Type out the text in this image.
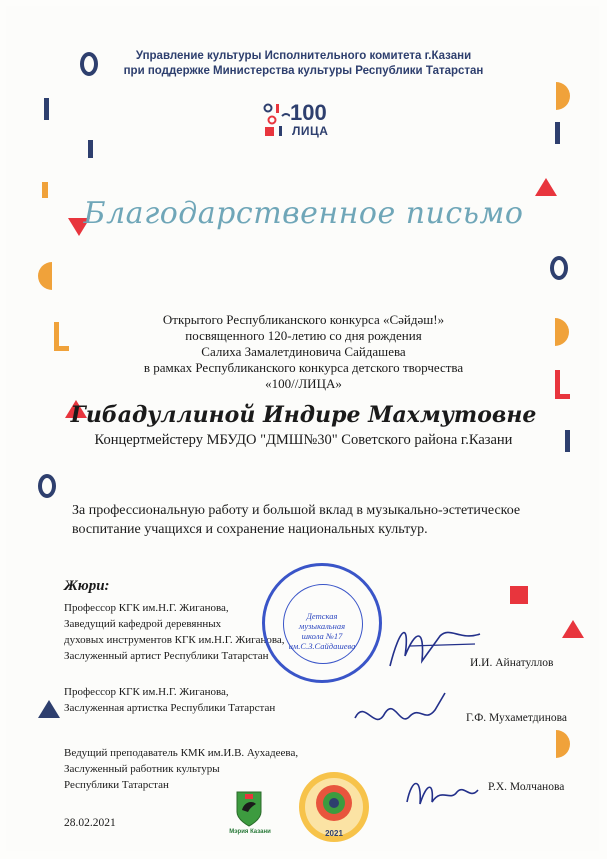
Управление культуры Исполнительного комитета г.Казани
при поддержке Министерства культуры Республики Татарстан
100
ЛИЦА
Благодарственное письмо
Открытого Республиканского конкурса «Сәйдәш!»
посвященного 120-летию со дня рождения
Салиха Замалетдиновича Сайдашева
в рамках Республиканского конкурса детского творчества
«100//ЛИЦА»
Гибадуллиной Индире Махмутовне
Концертмейстеру МБУДО "ДМШ№30" Советского района г.Казани
За профессиональную работу и большой вклад в музыкально-эстетическое
воспитание учащихся и сохранение национальных культур.
Жюри:
Профессор КГК им.Н.Г. Жиганова,
Заведущий кафедрой деревянных
духовых инструментов КГК им.Н.Г. Жиганова,
Заслуженный артист Республики Татарстан
И.И. Айнатуллов
Профессор КГК им.Н.Г. Жиганова,
Заслуженная артистка Республики Татарстан
Г.Ф. Мухаметдинова
Ведущий преподаватель КМК им.И.В. Аухадеева,
Заслуженный работник культуры
Республики Татарстан	Р.Х. Молчанова
Детская
музыкальная
школа №17
им.С.З.Сайдашева
Мэрия Казани	2021
28.02.2021
